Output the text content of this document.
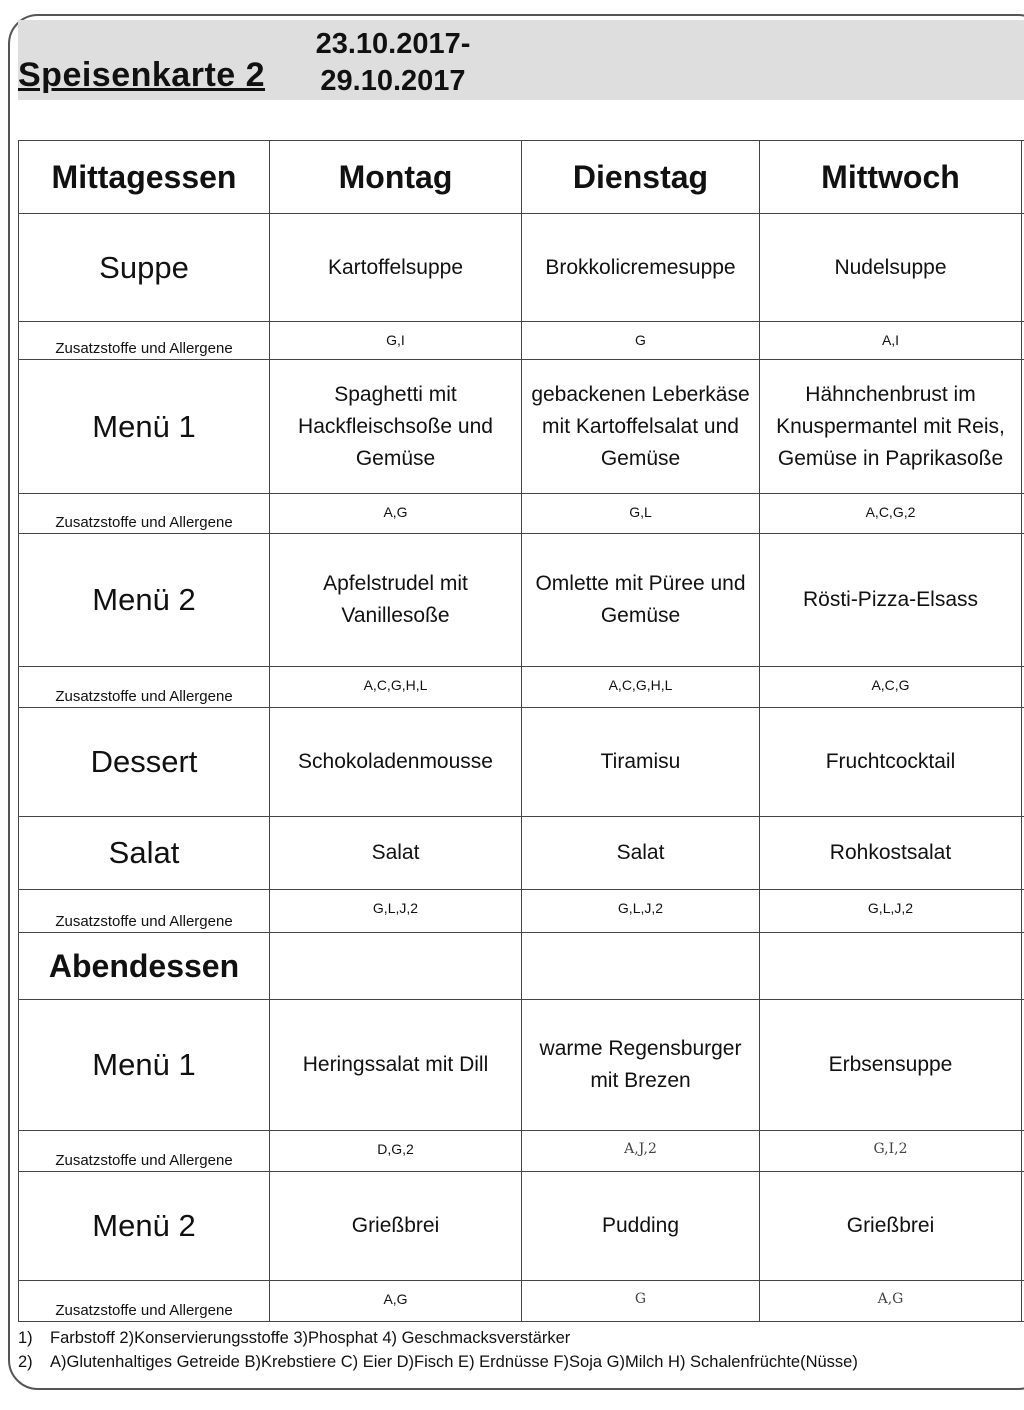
Speisenkarte 2
23.10.2017-
29.10.2017
Mittagessen	Montag	Dienstag	Mittwoch	
Suppe	Kartoffelsuppe	Brokkolicremesuppe	Nudelsuppe	
Zusatzstoffe und Allergene	G,I	G	A,I	
Menü 1	Spaghetti mit Hackfleischsoße und Gemüse	gebackenen Leberkäse mit Kartoffelsalat und Gemüse	Hähnchenbrust im Knuspermantel mit Reis, Gemüse in Paprikasoße	
Zusatzstoffe und Allergene	A,G	G,L	A,C,G,2	
Menü 2	Apfelstrudel mit Vanillesoße	Omlette mit Püree und Gemüse	Rösti-Pizza-Elsass	
Zusatzstoffe und Allergene	A,C,G,H,L	A,C,G,H,L	A,C,G	
Dessert	Schokoladenmousse	Tiramisu	Fruchtcocktail	
Salat	Salat	Salat	Rohkostsalat	
Zusatzstoffe und Allergene	G,L,J,2	G,L,J,2	G,L,J,2	
Abendessen				
Menü 1	Heringssalat mit Dill	warme Regensburger mit Brezen	Erbsensuppe	
Zusatzstoffe und Allergene	D,G,2	A,J,2	G,I,2	
Menü 2	Grießbrei	Pudding	Grießbrei	
Zusatzstoffe und Allergene	A,G	G	A,G	
1) Farbstoff 2)Konservierungsstoffe 3)Phosphat 4) Geschmacksverstärker
2) A)Glutenhaltiges Getreide B)Krebstiere C) Eier D)Fisch E) Erdnüsse F)Soja G)Milch H) Schalenfrüchte(Nüsse)
